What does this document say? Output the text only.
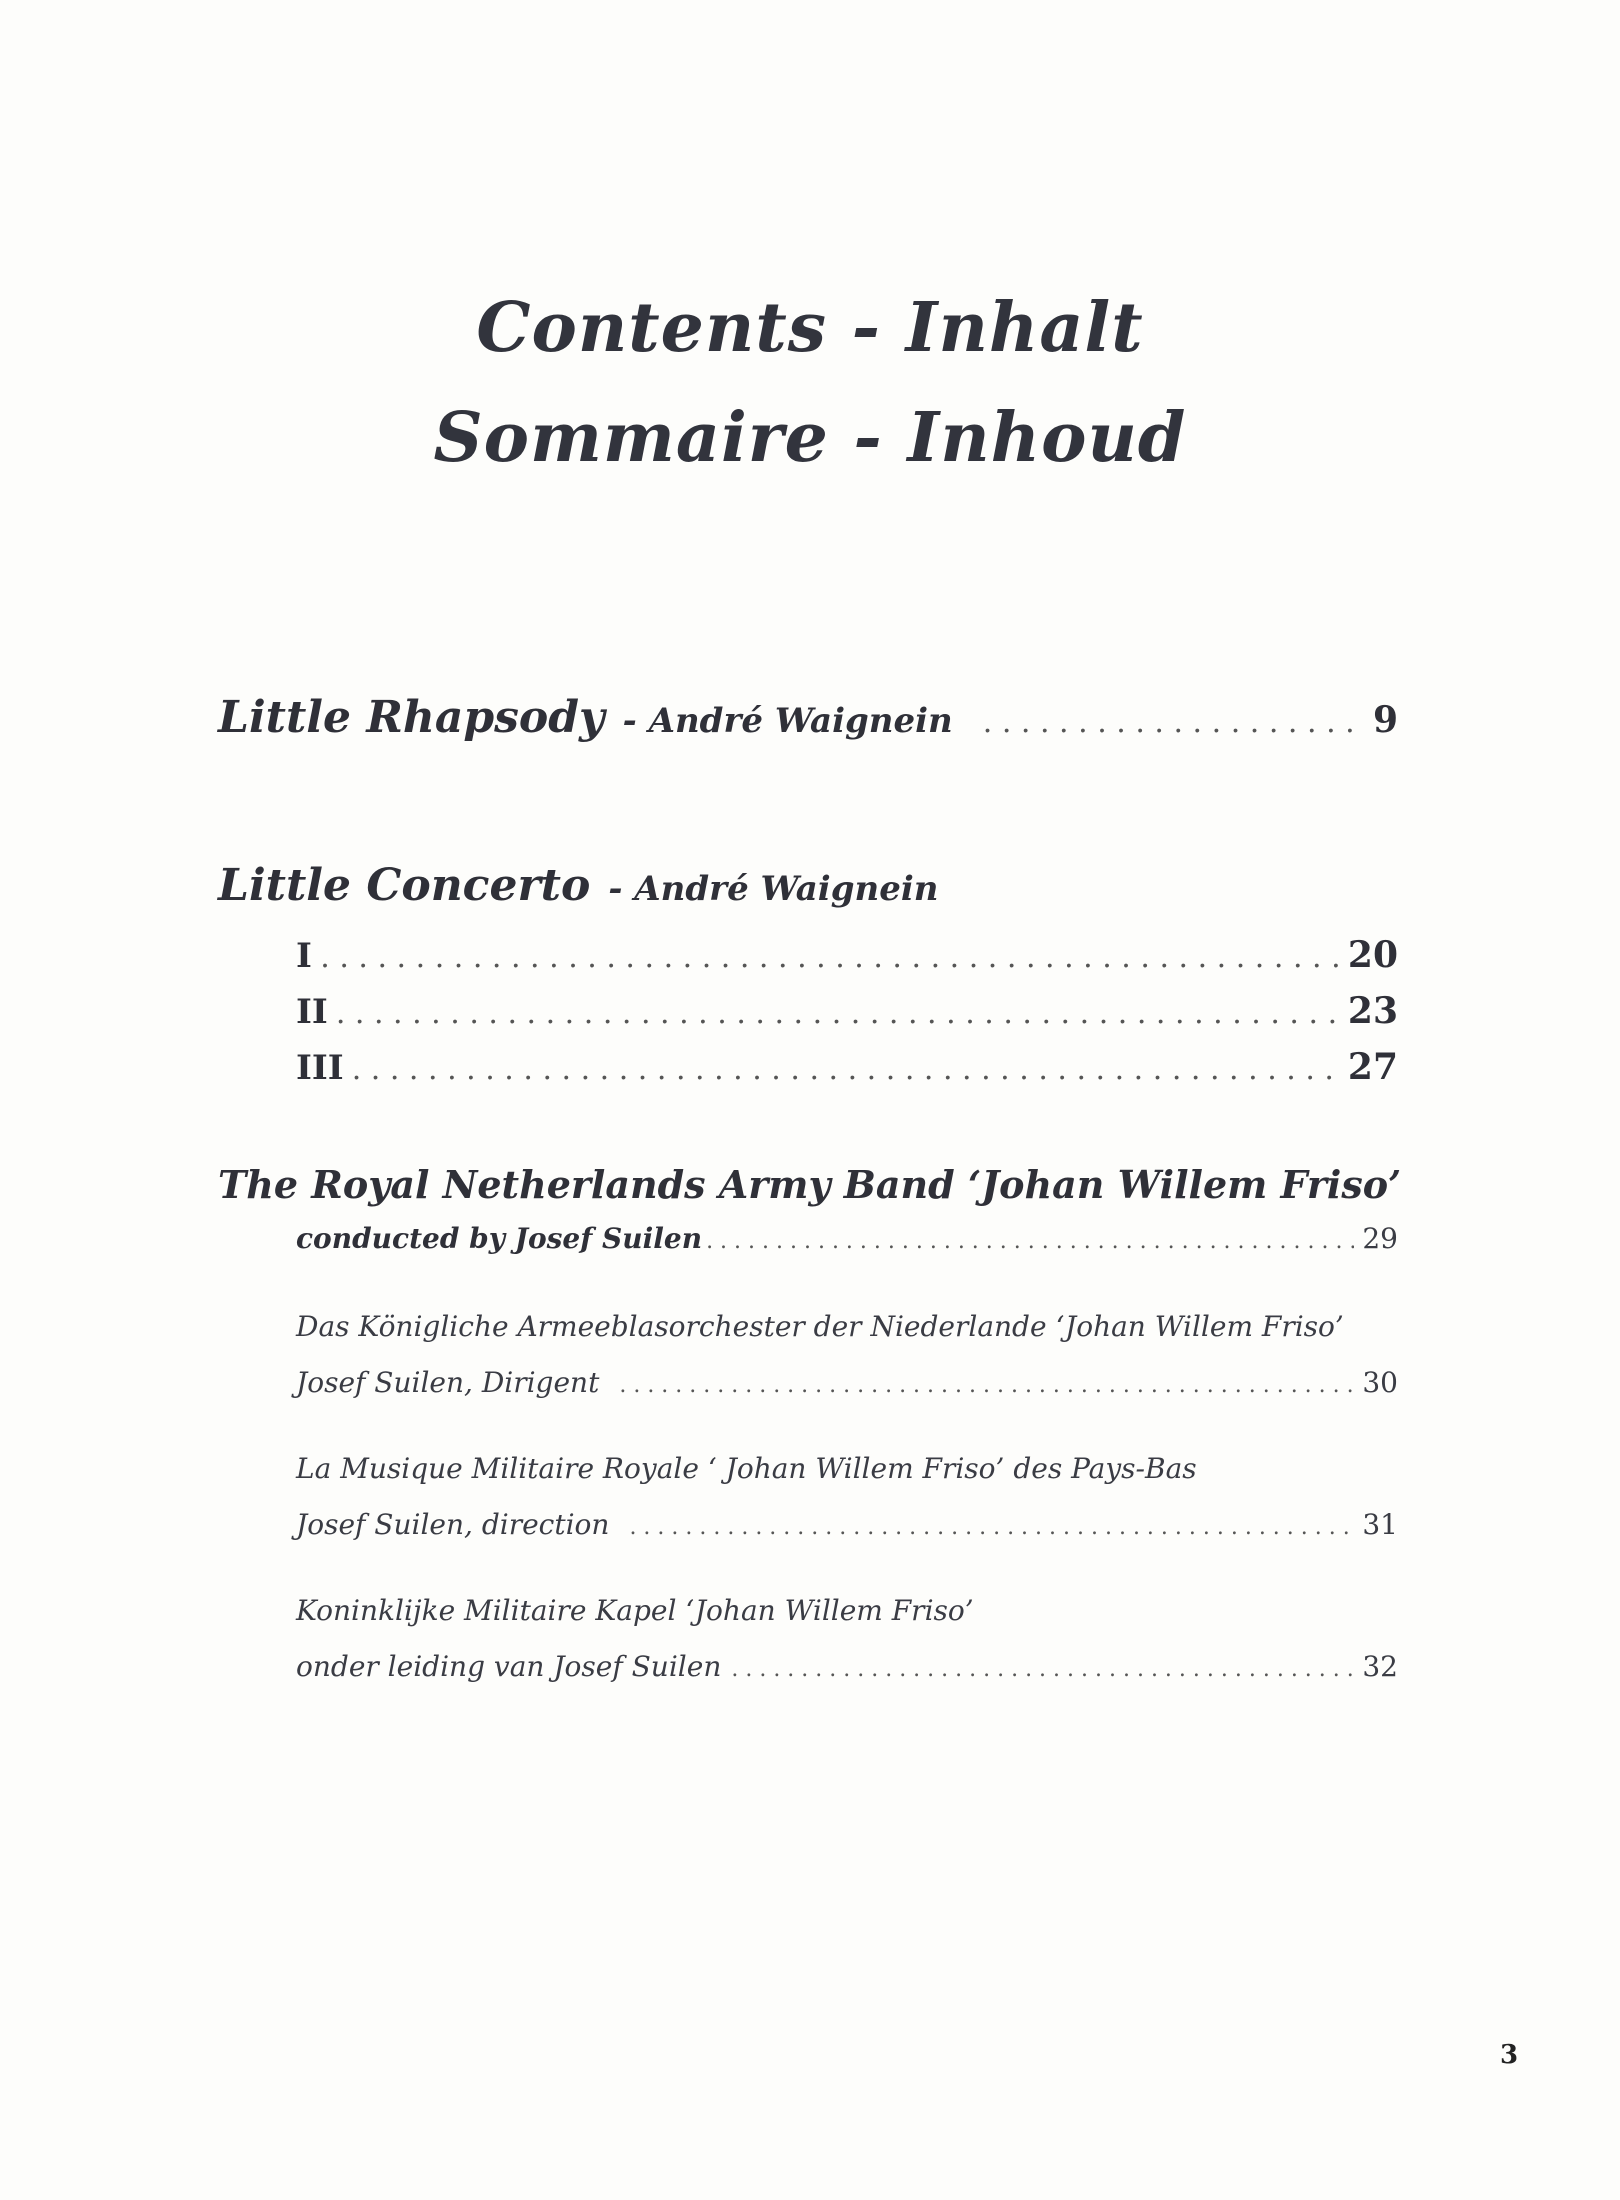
Contents - Inhalt
Sommaire - Inhoud
Little Rhapsody - André Waignein . . .	9
Little Concerto - André Waignein
I . . .	20
II . . .	23
III . . .	27
The Royal Netherlands Army Band ‘Johan Willem Friso’
conducted by Josef Suilen . . .	29
Das Königliche Armeeblasorchester der Niederlande ‘Johan Willem Friso’
Josef Suilen, Dirigent . . .	30
La Musique Militaire Royale ‘ Johan Willem Friso’ des Pays-Bas
Josef Suilen, direction . . .	31
Koninklijke Militaire Kapel ‘Johan Willem Friso’
onder leiding van Josef Suilen . . .	32
3
